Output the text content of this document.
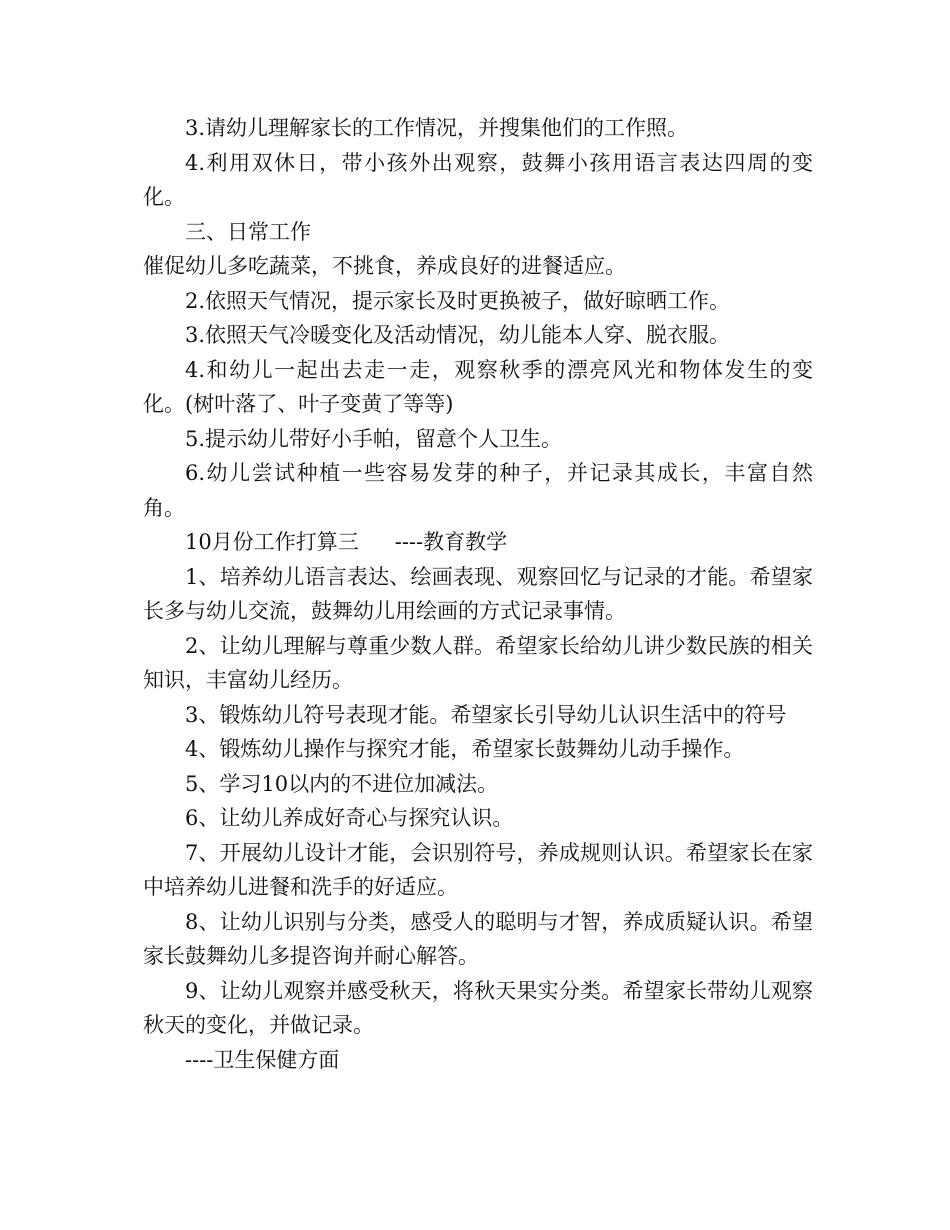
3.请幼儿理解家长的工作情况，并搜集他们的工作照。

4.利用双休日，带小孩外出观察，鼓舞小孩用语言表达四周的变化。

三、日常工作

催促幼儿多吃蔬菜，不挑食，养成良好的进餐适应。

2.依照天气情况，提示家长及时更换被子，做好晾晒工作。

3.依照天气冷暖变化及活动情况，幼儿能本人穿、脱衣服。

4.和幼儿一起出去走一走，观察秋季的漂亮风光和物体发生的变化。(树叶落了、叶子变黄了等等)

5.提示幼儿带好小手帕，留意个人卫生。

6.幼儿尝试种植一些容易发芽的种子，并记录其成长，丰富自然角。

10月份工作打算三 ----教育教学

1、培养幼儿语言表达、绘画表现、观察回忆与记录的才能。希望家长多与幼儿交流，鼓舞幼儿用绘画的方式记录事情。

2、让幼儿理解与尊重少数人群。希望家长给幼儿讲少数民族的相关知识，丰富幼儿经历。

3、锻炼幼儿符号表现才能。希望家长引导幼儿认识生活中的符号

4、锻炼幼儿操作与探究才能，希望家长鼓舞幼儿动手操作。

5、学习10以内的不进位加减法。

6、让幼儿养成好奇心与探究认识。

7、开展幼儿设计才能，会识别符号，养成规则认识。希望家长在家中培养幼儿进餐和洗手的好适应。

8、让幼儿识别与分类，感受人的聪明与才智，养成质疑认识。希望家长鼓舞幼儿多提咨询并耐心解答。

9、让幼儿观察并感受秋天，将秋天果实分类。希望家长带幼儿观察秋天的变化，并做记录。

----卫生保健方面
